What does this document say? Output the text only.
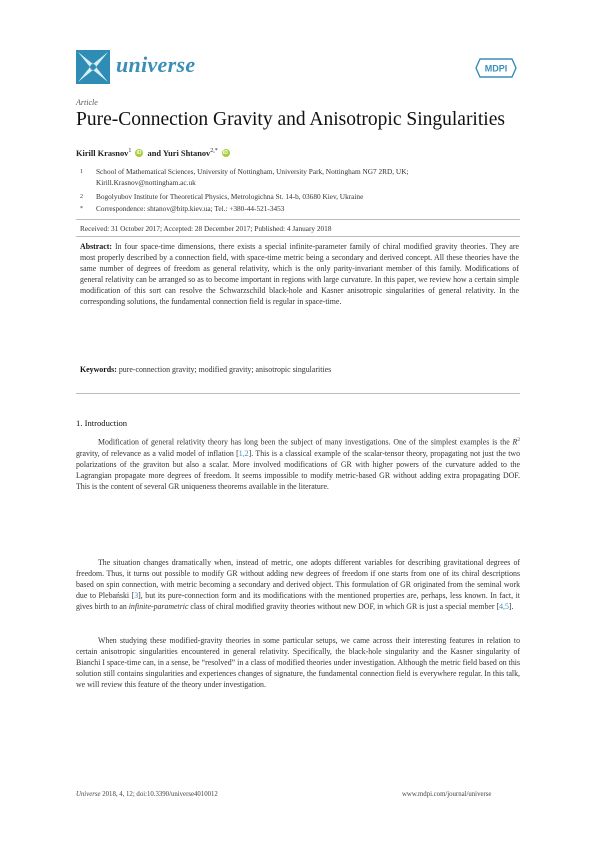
universe	MDPI
Article
Pure-Connection Gravity and Anisotropic Singularities
Kirill Krasnov$^1$ iD and Yuri Shtanov$^{2,*}$ iD
1 School of Mathematical Sciences, University of Nottingham, University Park, Nottingham NG7 2RD, UK;
Kirill.Krasnov@nottingham.ac.uk
2 Bogolyubov Institute for Theoretical Physics, Metrologichna St. 14-b, 03680 Kiev, Ukraine
* Correspondence: shtanov@bitp.kiev.ua; Tel.: +380-44-521-3453
Received: 31 October 2017; Accepted: 28 December 2017; Published: 4 January 2018
Abstract: In four space-time dimensions, there exists a special infinite-parameter family of chiral modified gravity theories. They are most properly described by a connection field, with space-time metric being a secondary and derived concept. All these theories have the same number of degrees of freedom as general relativity, which is the only parity-invariant member of this family. Modifications of general relativity can be arranged so as to become important in regions with large curvature. In this paper, we review how a certain simple modification of this sort can resolve the Schwarzschild black-hole and Kasner anisotropic singularities of general relativity. In the corresponding solutions, the fundamental connection field is regular in space-time.
Keywords: pure-connection gravity; modified gravity; anisotropic singularities
1. Introduction
Modification of general relativity theory has long been the subject of many investigations. One of the simplest examples is the $R^2$ gravity, of relevance as a valid model of inflation [1,2]. This is a classical example of the scalar-tensor theory, propagating not just the two polarizations of the graviton but also a scalar. More involved modifications of GR with higher powers of the curvature added to the Lagrangian propagate more degrees of freedom. It seems impossible to modify metric-based GR without adding extra propagating DOF. This is the content of several GR uniqueness theorems available in the literature.
The situation changes dramatically when, instead of metric, one adopts different variables for describing gravitational degrees of freedom. Thus, it turns out possible to modify GR without adding new degrees of freedom if one starts from one of its chiral descriptions based on spin connection, with metric becoming a secondary and derived object. This formulation of GR originated from the seminal work due to Plebański [3], but its pure-connection form and its modifications with the mentioned properties are, perhaps, less known. In fact, it gives birth to an infinite-parametric class of chiral modified gravity theories without new DOF, in which GR is just a special member [4,5].
When studying these modified-gravity theories in some particular setups, we came across their interesting features in relation to certain anisotropic singularities encountered in general relativity. Specifically, the black-hole singularity and the Kasner singularity of Bianchi I space-time can, in a sense, be “resolved” in a class of modified theories under investigation. Although the metric field based on this solution still contains singularities and experiences changes of signature, the fundamental connection field is everywhere regular. In this talk, we will review this feature of the theory under investigation.
Universe 2018, 4, 12; doi:10.3390/universe4010012	www.mdpi.com/journal/universe
